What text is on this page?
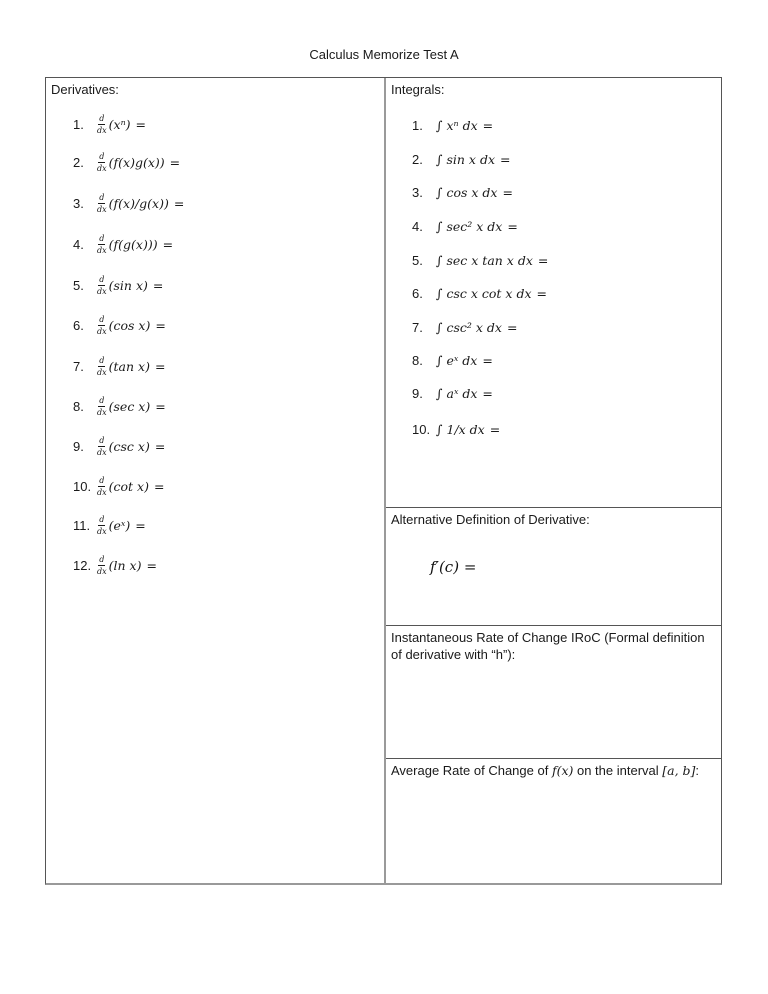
Calculus Memorize Test A
Derivatives:
1.	$\frac{d}{dx} (x^n)$ =
2.	$\frac{d}{dx} (f(x)g(x))$ =
3.	$\frac{d}{dx} (f(x)/g(x))$ =
4.	$\frac{d}{dx} (f(g(x)))$ =
5.	$\frac{d}{dx} (\sin$ x) =
6.	$\frac{d}{dx} (\cos$ x) =
7.	$\frac{d}{dx} (\tan$ x) =
8.	$\frac{d}{dx} (\sec$ x) =
9.	$\frac{d}{dx} (\csc$ x) =
10. $\frac{d}{dx} (\cot$ x) =
11. $\frac{d}{dx}$ (eˣ) =
12. $\frac{d}{dx} (\ln$ x) =
Integrals:
1.	∫ xⁿ dx =
2.	∫ sin x dx =
3.	∫ cos x dx =
4.	∫ sec² x dx =
5.	∫ sec x tan x dx =
6.	∫ csc x cot x dx =
7.	∫ csc² x dx =
8.	∫ eˣ dx =
9.	∫ aˣ dx =
10. ∫ 1/x dx =
Alternative Definition of Derivative:
f′(c) =
Instantaneous Rate of Change IRoC (Formal definition of derivative with “h”):
Average Rate of Change of f(x) on the interval [a, b]:
